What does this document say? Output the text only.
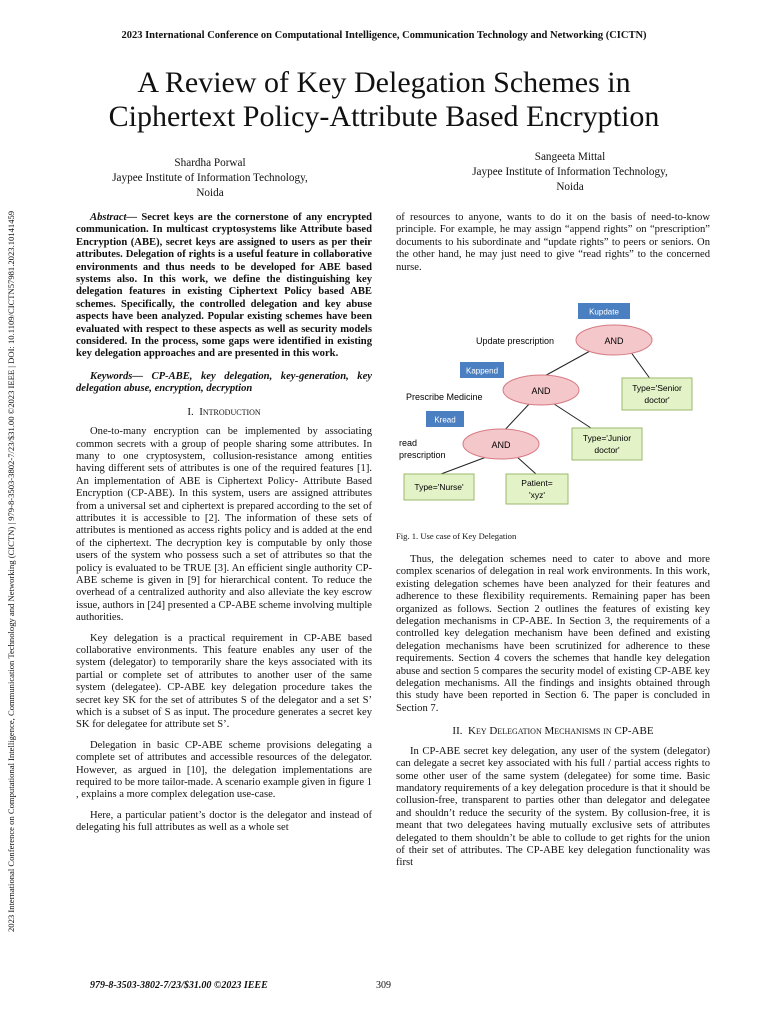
2023 International Conference on Computational Intelligence, Communication Technology and Networking (CICTN)
A Review of Key Delegation Schemes in
Ciphertext Policy-Attribute Based Encryption
2023 International Conference on Computational Intelligence, Communication Technology and Networking (CICTN) | 979-8-3503-3802-7/23/$31.00 ©2023 IEEE | DOI: 10.1109/CICTN57981.2023.10141459
Shardha Porwal
Jaypee Institute of Information Technology,
Noida
Sangeeta Mittal
Jaypee Institute of Information Technology,
Noida

Abstract— Secret keys are the cornerstone of any encrypted communication. In multicast cryptosystems like Attribute based Encryption (ABE), secret keys are assigned to users as per their attributes. Delegation of rights is a useful feature in collaborative environments and thus needs to be developed for ABE based systems also. In this work, we define the distinguishing key delegation features in existing Ciphertext Policy based ABE schemes. Specifically, the controlled delegation and key abuse aspects have been analyzed. Popular existing schemes have been evaluated with respect to these aspects as well as security models considered. In the process, some gaps were identified in existing key delegation approaches and are presented in this work.

Keywords— CP-ABE, key delegation, key-generation, key delegation abuse, encryption, decryption

I. Introduction

One-to-many encryption can be implemented by associating common secrets with a group of people sharing some attributes. In many to one cryptosystem, collusion-resistance among entities having different sets of attributes is one of the required features [1]. An implementation of ABE is Ciphertext Policy- Attribute Based Encryption (CP-ABE). In this system, users are assigned attributes from a universal set and ciphertext is prepared according to the set of attributes it is accessible to [2]. The information of these sets of attributes is mentioned as access rights policy and is added at the end of the ciphertext. The decryption key is computable by only those users of the system who possess such a set of attributes so that the policy is evaluated to be TRUE [3]. An efficient single authority CP-ABE scheme is given in [9] for hierarchical content. To reduce the overhead of a centralized authority and also alleviate the key escrow issue, authors in [24] presented a CP-ABE scheme involving multiple authorities.

Key delegation is a practical requirement in CP-ABE based collaborative environments. This feature enables any user of the system (delegator) to temporarily share the keys associated with its partial or complete set of attributes to another user of the same system (delegatee). CP-ABE key delegation procedure takes the secret key SK for the set of attributes S of the delegator and a set S’ which is a subset of S as input. The procedure generates a secret key SK for delegatee for attribute set S’.

Delegation in basic CP-ABE scheme provisions delegating a complete set of attributes and accessible resources of the delegator. However, as argued in [10], the delegation implementations are required to be more tailor-made. A scenario example given in figure 1 , explains a more complex delegation use-case.

Here, a particular patient’s doctor is the delegator and instead of delegating his full attributes as well as a whole set

of resources to anyone, wants to do it on the basis of need-to-know principle. For example, he may assign “append rights” on “prescription” documents to his subordinate and “update rights” to peers or seniors. On the other hand, he may just need to give “read rights” to the concerned nurse.

Kupdate
Kappend
Kread
AND
AND
AND
Update prescription
Prescribe Medicine
read
prescription
Type='Senior
doctor'
Type='Junior
doctor'
Type='Nurse'	Patient=
'xyz'
Fig. 1. Use case of Key Delegation

Thus, the delegation schemes need to cater to above and more complex scenarios of delegation in real work environments. In this work, existing delegation schemes have been analyzed for their features and adherence to these flexibility requirements. Remaining paper has been organized as follows. Section 2 outlines the features of existing key delegation mechanisms in CP-ABE. In Section 3, the requirements of a controlled key delegation mechanism have been defined and existing delegation mechanisms have been scrutinized for adherence to these requirements. Section 4 covers the schemes that handle key delegation abuse and section 5 compares the security model of existing CP-ABE key delegation mechanisms. All the findings and insights obtained through this study have been reported in Section 6. The paper is concluded in Section 7.

II. Key Delegation Mechanisms in CP-ABE

In CP-ABE secret key delegation, any user of the system (delegator) can delegate a secret key associated with his full / partial access rights to some other user of the same system (delegatee) for some time. Basic mandatory requirements of a key delegation procedure is that it should be collusion-free, transparent to parties other than delegator and delegatee and shouldn’t reduce the security of the system. By collusion-free, it is meant that two delegatees having mutually exclusive sets of attributes delegated to them shouldn’t be able to collude to get rights for the union of their set of attributes. The CP-ABE key delegation functionality was first

979-8-3503-3802-7/23/$31.00 ©2023 IEEE	309
